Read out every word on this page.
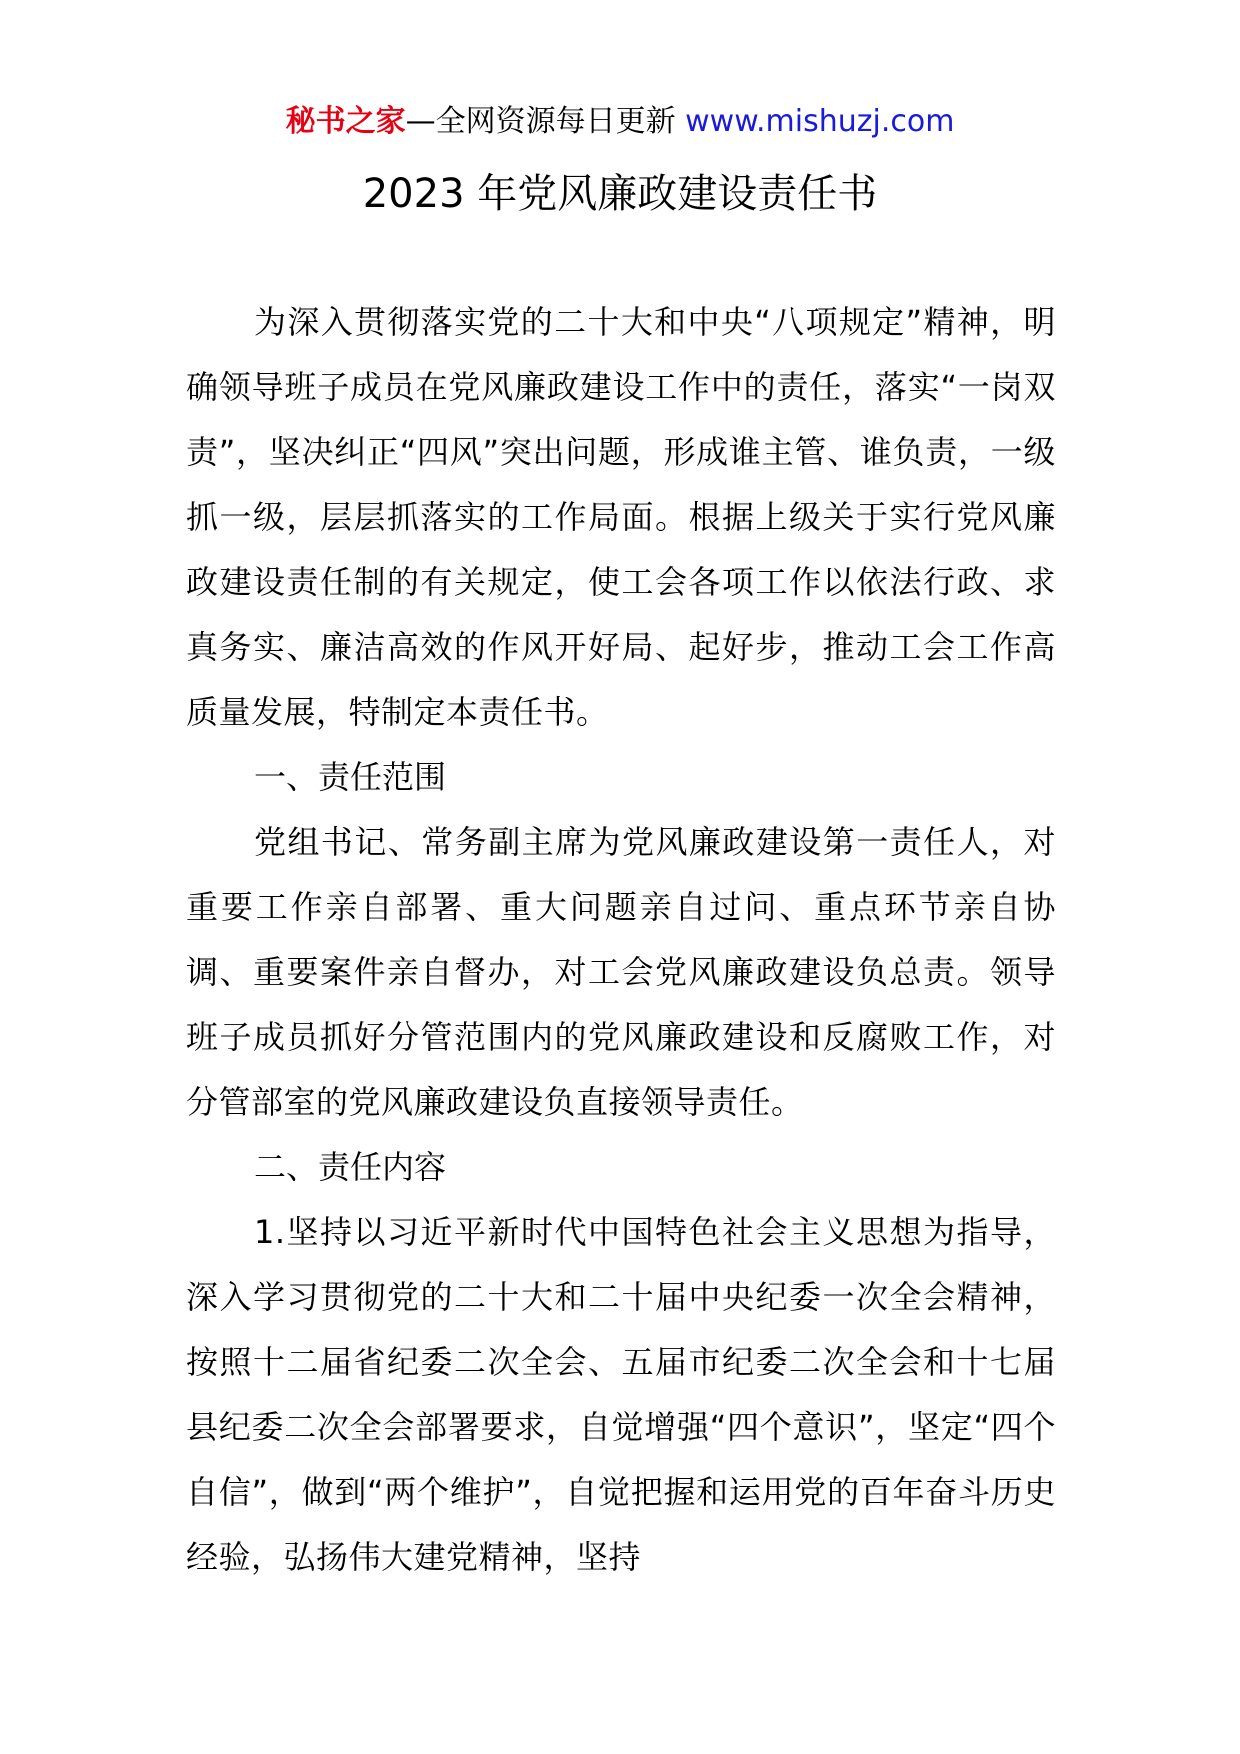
秘书之家—全网资源每日更新 www.mishuzj.com
2023 年党风廉政建设责任书

为深入贯彻落实党的二十大和中央“八项规定”精神，明确领导班子成员在党风廉政建设工作中的责任，落实“一岗双责”，坚决纠正“四风”突出问题，形成谁主管、谁负责，一级抓一级，层层抓落实的工作局面。根据上级关于实行党风廉政建设责任制的有关规定，使工会各项工作以依法行政、求真务实、廉洁高效的作风开好局、起好步，推动工会工作高质量发展，特制定本责任书。

一、责任范围

党组书记、常务副主席为党风廉政建设第一责任人，对重要工作亲自部署、重大问题亲自过问、重点环节亲自协调、重要案件亲自督办，对工会党风廉政建设负总责。领导班子成员抓好分管范围内的党风廉政建设和反腐败工作，对分管部室的党风廉政建设负直接领导责任。

二、责任内容

1.坚持以习近平新时代中国特色社会主义思想为指导，深入学习贯彻党的二十大和二十届中央纪委一次全会精神，按照十二届省纪委二次全会、五届市纪委二次全会和十七届县纪委二次全会部署要求，自觉增强“四个意识”，坚定“四个自信”，做到“两个维护”，自觉把握和运用党的百年奋斗历史经验，弘扬伟大建党精神，坚持
